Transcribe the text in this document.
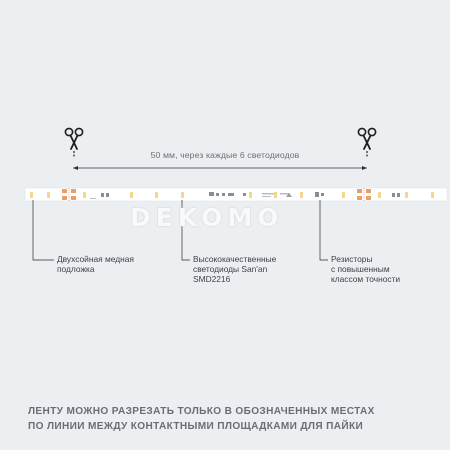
50 мм, через каждые 6 светодиодов
DEKOMO
Двухсойная медная
подложка
Высококачественные
светодиоды San'an
SMD2216
Резисторы
с повышенным
классом точности
ЛЕНТУ МОЖНО РАЗРЕЗАТЬ ТОЛЬКО В ОБОЗНАЧЕННЫХ МЕСТАХ
ПО ЛИНИИ МЕЖДУ КОНТАКТНЫМИ ПЛОЩАДКАМИ ДЛЯ ПАЙКИ
